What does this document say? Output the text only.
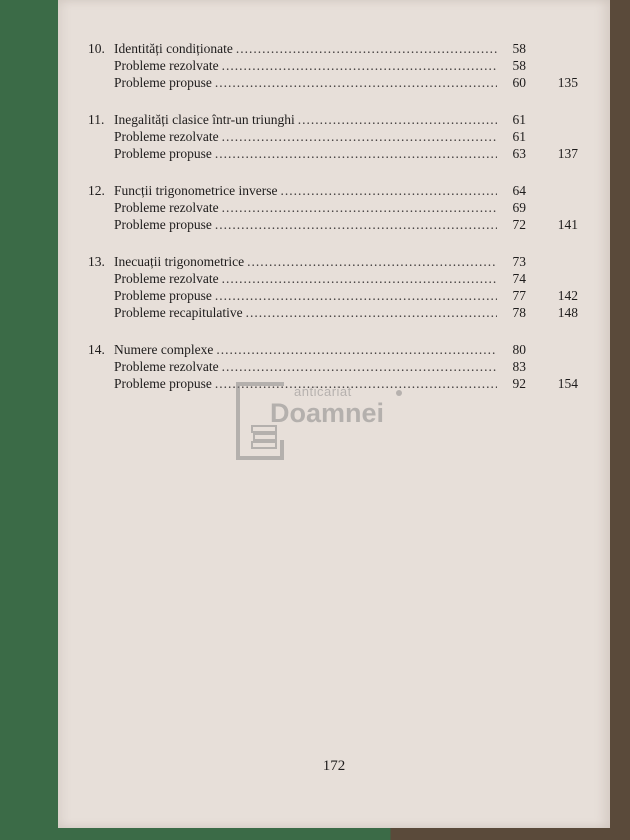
10. Identități condiționate .....	58
Probleme rezolvate .....	58
Probleme propuse .....	60	135
11. Inegalități clasice într-un triunghi .....	61
Probleme rezolvate .....	61
Probleme propuse .....	63	137
12. Funcții trigonometrice inverse .....	64
Probleme rezolvate .....	69
Probleme propuse .....	72	141
13. Inecuații trigonometrice .....	73
Probleme rezolvate .....	74
Probleme propuse .....	77	142
Probleme recapitulative .....	78	148
14. Numere complexe .....	80
Probleme rezolvate .....	83
Probleme propuse .....	92	154
anticariat
Doamnei
172
